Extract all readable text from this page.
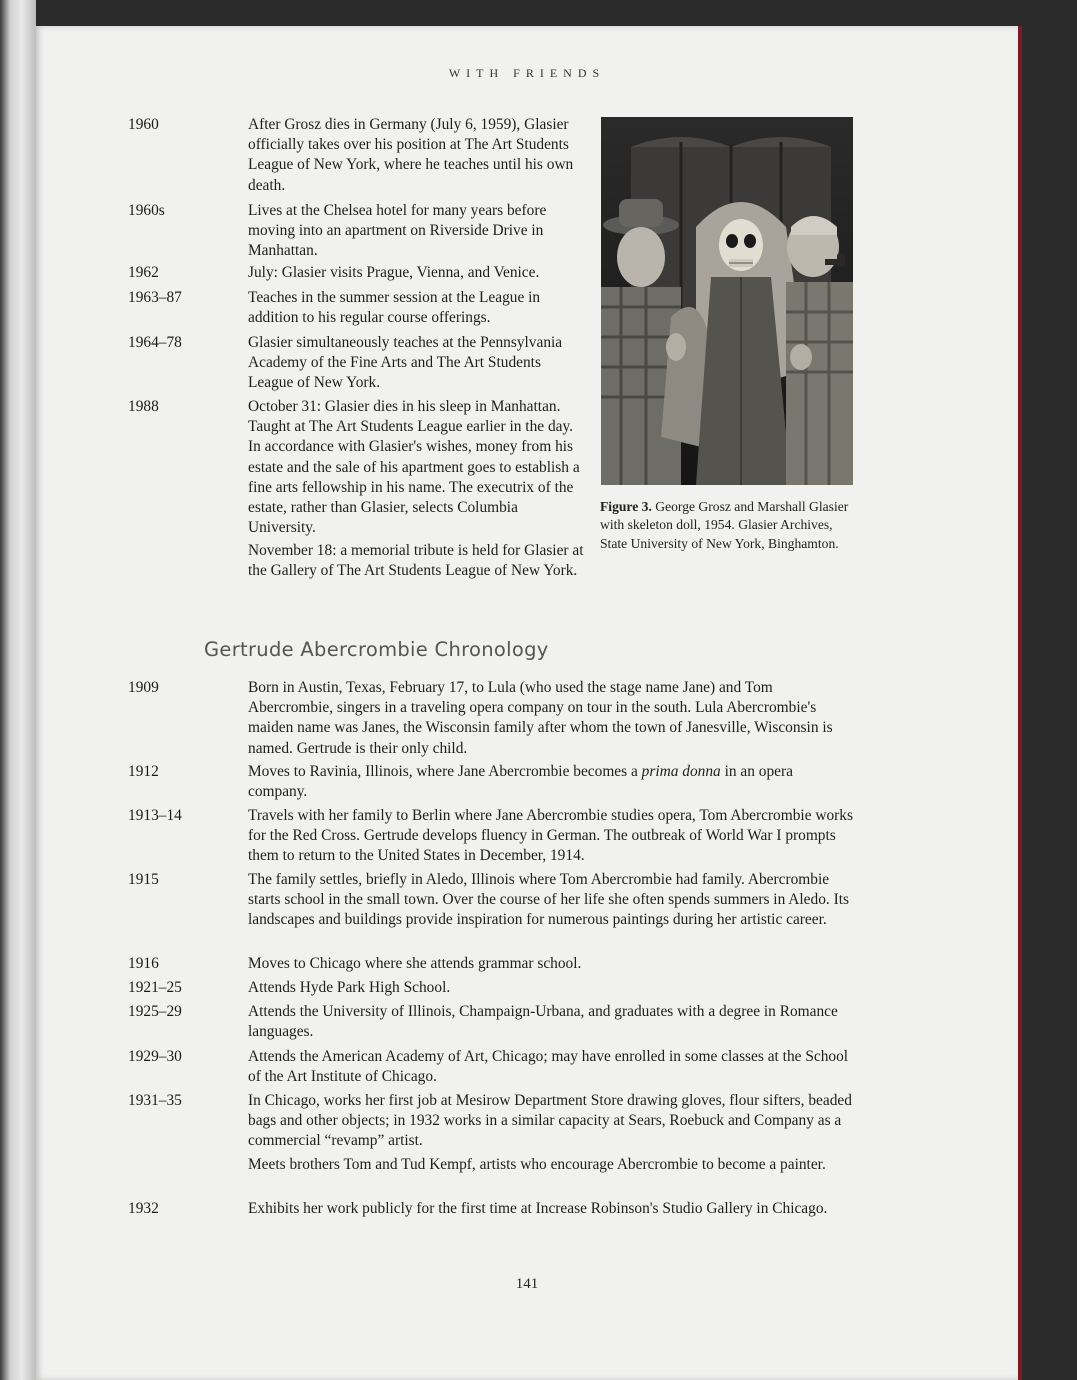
WITH FRIENDS
1960	After Grosz dies in Germany (July 6, 1959), Glasier officially takes over his position at The Art Students League of New York, where he teaches until his own death.
1960s	Lives at the Chelsea hotel for many years before moving into an apartment on Riverside Drive in Manhattan.
1962	July: Glasier visits Prague, Vienna, and Venice.
1963–87	Teaches in the summer session at the League in addition to his regular course offerings.
1964–78	Glasier simultaneously teaches at the Pennsylvania Academy of the Fine Arts and The Art Students League of New York.
1988	October 31: Glasier dies in his sleep in Manhattan. Taught at The Art Students League earlier in the day. In accordance with Glasier's wishes, money from his estate and the sale of his apartment goes to establish a fine arts fellowship in his name. The executrix of the estate, rather than Glasier, selects Columbia University.
November 18: a memorial tribute is held for Glasier at the Gallery of The Art Students League of New York.
Figure 3. George Grosz and Marshall Glasier with skeleton doll, 1954. Glasier Archives, State University of New York, Binghamton.
Gertrude Abercrombie Chronology
1909	Born in Austin, Texas, February 17, to Lula (who used the stage name Jane) and Tom Abercrombie, singers in a traveling opera company on tour in the south. Lula Abercrombie's maiden name was Janes, the Wisconsin family after whom the town of Janesville, Wisconsin is named. Gertrude is their only child.
1912	Moves to Ravinia, Illinois, where Jane Abercrombie becomes a prima donna in an opera company.
1913–14	Travels with her family to Berlin where Jane Abercrombie studies opera, Tom Abercrombie works for the Red Cross. Gertrude develops fluency in German. The outbreak of World War I prompts them to return to the United States in December, 1914.
1915	The family settles, briefly in Aledo, Illinois where Tom Abercrombie had family. Abercrombie starts school in the small town. Over the course of her life she often spends summers in Aledo. Its landscapes and buildings provide inspiration for numerous paintings during her artistic career.
1916	Moves to Chicago where she attends grammar school.
1921–25	Attends Hyde Park High School.
1925–29	Attends the University of Illinois, Champaign-Urbana, and graduates with a degree in Romance languages.
1929–30	Attends the American Academy of Art, Chicago; may have enrolled in some classes at the School of the Art Institute of Chicago.
1931–35	In Chicago, works her first job at Mesirow Department Store drawing gloves, flour sifters, beaded bags and other objects; in 1932 works in a similar capacity at Sears, Roebuck and Company as a commercial “revamp” artist.
Meets brothers Tom and Tud Kempf, artists who encourage Abercrombie to become a painter.
1932	Exhibits her work publicly for the first time at Increase Robinson's Studio Gallery in Chicago.
141
